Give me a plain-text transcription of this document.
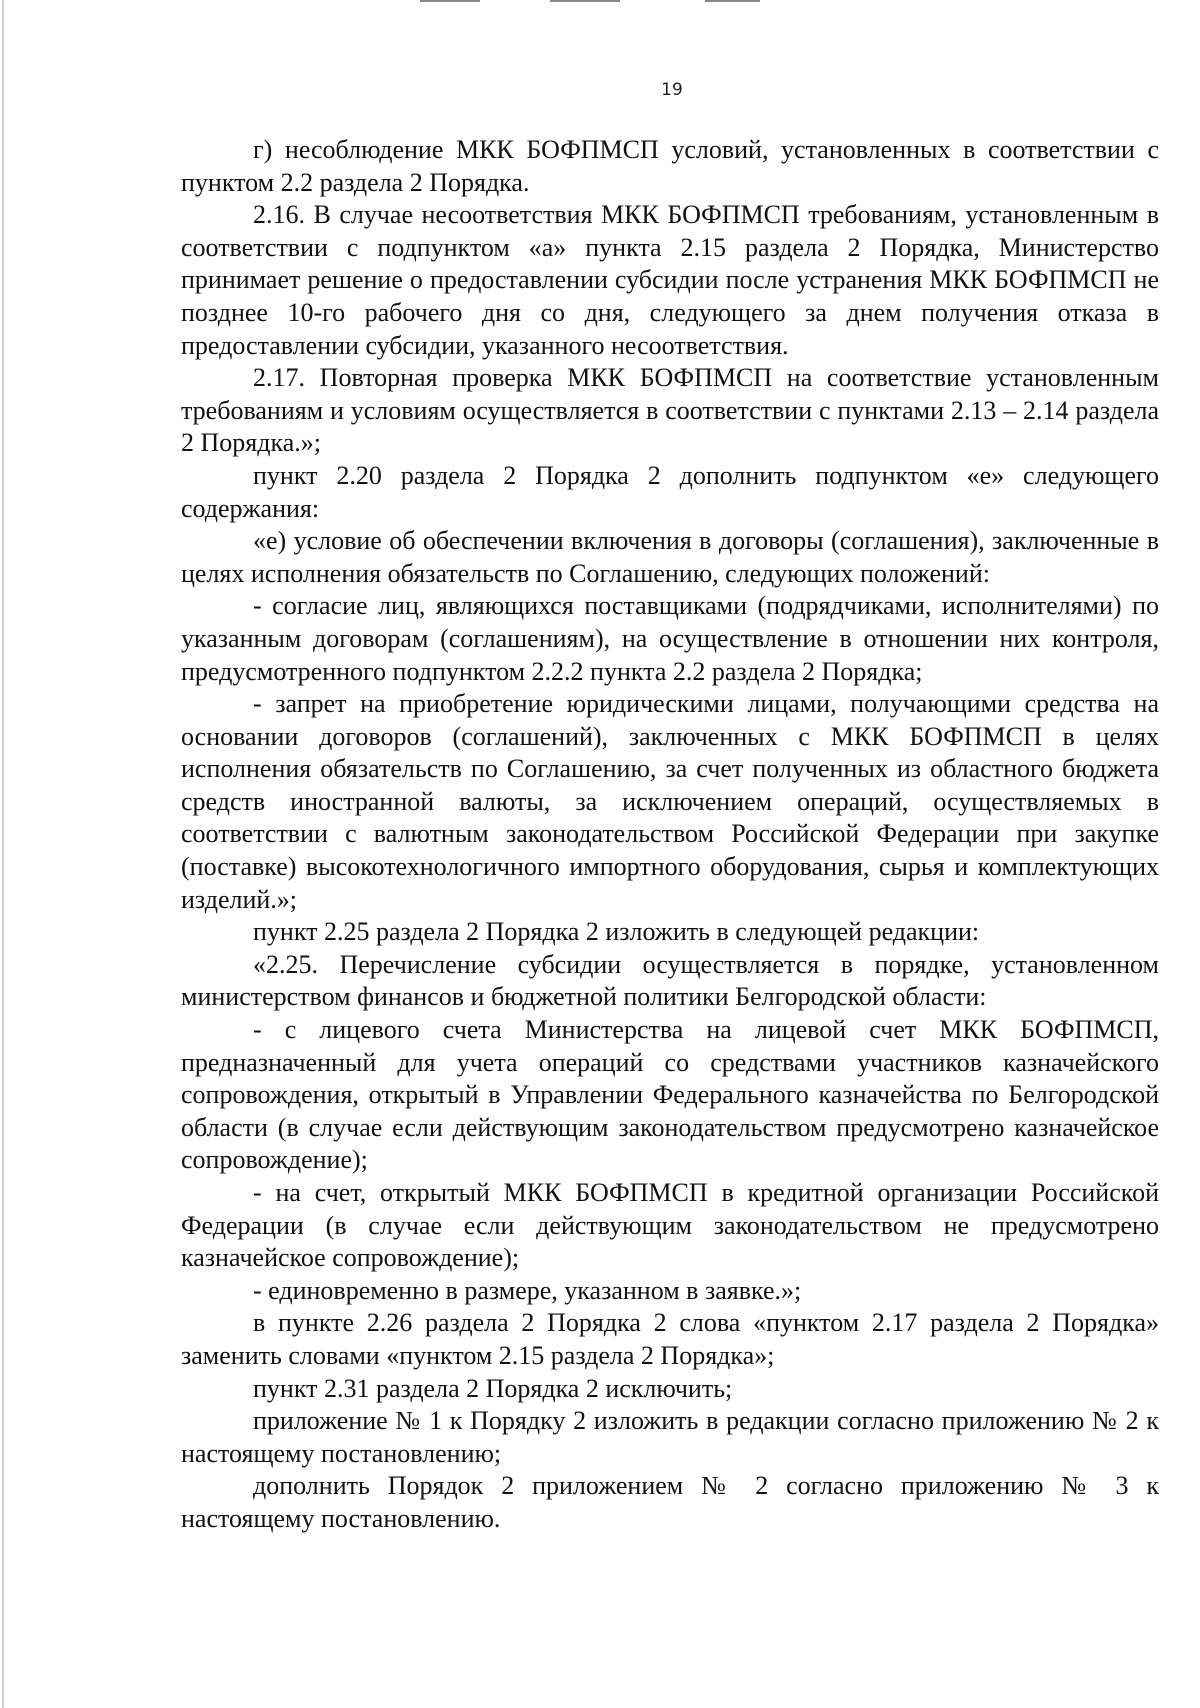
19

г) несоблюдение МКК БОФПМСП условий, установленных в соответствии с пунктом 2.2 раздела 2 Порядка.

2.16. В случае несоответствия МКК БОФПМСП требованиям, установленным в соответствии с подпунктом «а» пункта 2.15 раздела 2 Порядка, Министерство принимает решение о предоставлении субсидии после устранения МКК БОФПМСП не позднее 10-го рабочего дня со дня, следующего за днем получения отказа в предоставлении субсидии, указанного несоответствия.

2.17. Повторная проверка МКК БОФПМСП на соответствие установленным требованиям и условиям осуществляется в соответствии с пунктами 2.13 – 2.14 раздела 2 Порядка.»;

пункт 2.20 раздела 2 Порядка 2 дополнить подпунктом «е» следующего содержания:

«е) условие об обеспечении включения в договоры (соглашения), заключенные в целях исполнения обязательств по Соглашению, следующих положений:

- согласие лиц, являющихся поставщиками (подрядчиками, исполнителями) по указанным договорам (соглашениям), на осуществление в отношении них контроля, предусмотренного подпунктом 2.2.2 пункта 2.2 раздела 2 Порядка;

- запрет на приобретение юридическими лицами, получающими средства на основании договоров (соглашений), заключенных с МКК БОФПМСП в целях исполнения обязательств по Соглашению, за счет полученных из областного бюджета средств иностранной валюты, за исключением операций, осуществляемых в соответствии с валютным законодательством Российской Федерации при закупке (поставке) высокотехнологичного импортного оборудования, сырья и комплектующих изделий.»;

пункт 2.25 раздела 2 Порядка 2 изложить в следующей редакции:

«2.25. Перечисление субсидии осуществляется в порядке, установленном министерством финансов и бюджетной политики Белгородской области:

- с лицевого счета Министерства на лицевой счет МКК БОФПМСП, предназначенный для учета операций со средствами участников казначейского сопровождения, открытый в Управлении Федерального казначейства по Белгородской области (в случае если действующим законодательством предусмотрено казначейское сопровождение);

- на счет, открытый МКК БОФПМСП в кредитной организации Российской Федерации (в случае если действующим законодательством не предусмотрено казначейское сопровождение);

- единовременно в размере, указанном в заявке.»;

в пункте 2.26 раздела 2 Порядка 2 слова «пунктом 2.17 раздела 2 Порядка» заменить словами «пунктом 2.15 раздела 2 Порядка»;

пункт 2.31 раздела 2 Порядка 2 исключить;

приложение № 1 к Порядку 2 изложить в редакции согласно приложению № 2 к настоящему постановлению;

дополнить Порядок 2 приложением № 2 согласно приложению № 3 к настоящему постановлению.
